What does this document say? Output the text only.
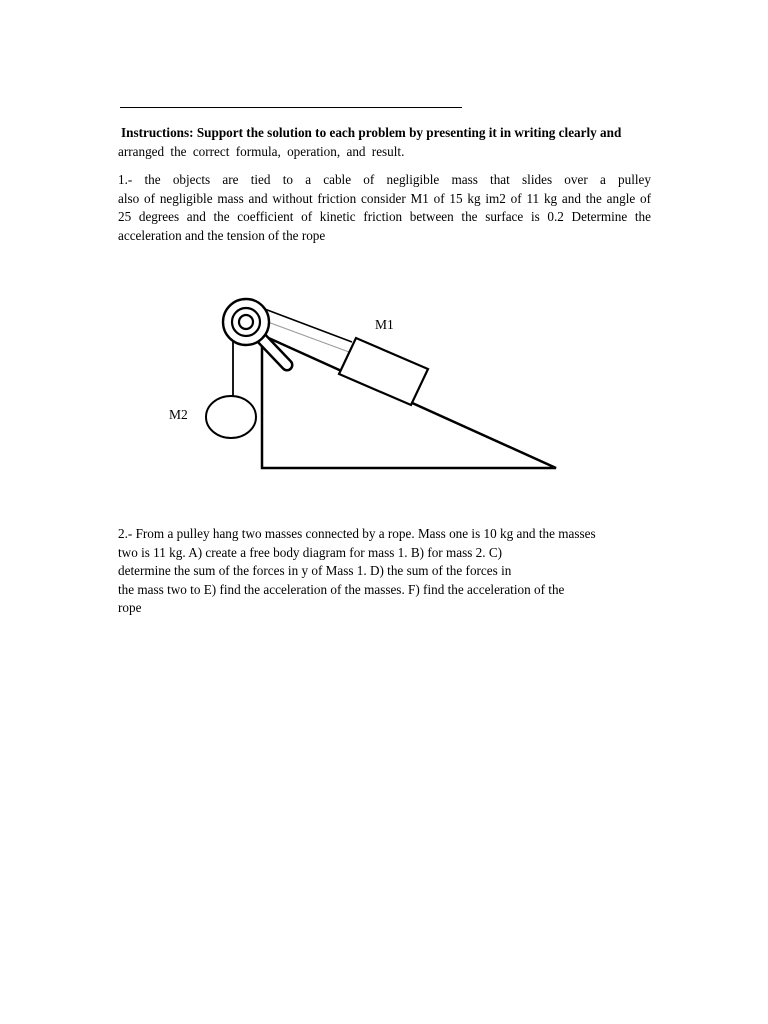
Instructions: Support the solution to each problem by presenting it in writing clearly and
arranged the correct formula, operation, and result.

1.- the objects are tied to a cable of negligible mass that slides over a pulley
also of negligible mass and without friction consider M1 of 15 kg im2 of 11 kg and the angle of
25 degrees and the coefficient of kinetic friction between the surface is 0.2 Determine the
acceleration and the tension of the rope

M1
M2

2.- From a pulley hang two masses connected by a rope. Mass one is 10 kg and the masses
two is 11 kg. A) create a free body diagram for mass 1. B) for mass 2. C)
determine the sum of the forces in y of Mass 1. D) the sum of the forces in
the mass two to E) find the acceleration of the masses. F) find the acceleration of the
rope
